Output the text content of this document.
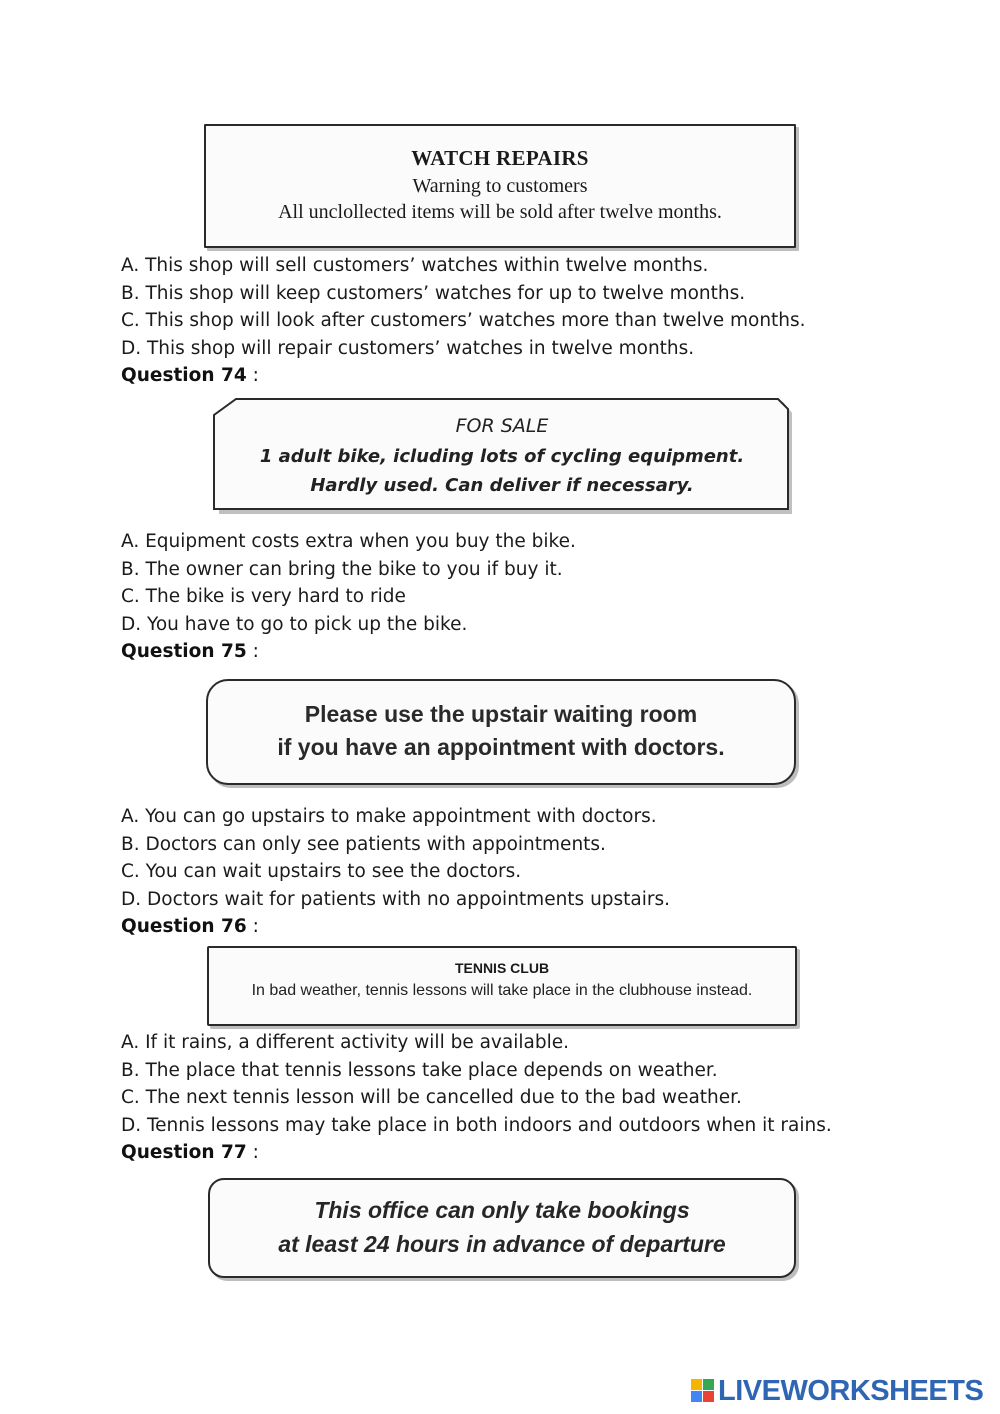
WATCH REPAIRS
Warning to customers
All unclollected items will be sold after twelve months.
A. This shop will sell customers’ watches within twelve months.
B. This shop will keep customers’ watches for up to twelve months.
C. This shop will look after customers’ watches more than twelve months.
D. This shop will repair customers’ watches in twelve months.
Question 74 :
FOR SALE
1 adult bike, icluding lots of cycling equipment.
Hardly used. Can deliver if necessary.
A. Equipment costs extra when you buy the bike.
B. The owner can bring the bike to you if buy it.
C. The bike is very hard to ride
D. You have to go to pick up the bike.
Question 75 :
Please use the upstair waiting room
if you have an appointment with doctors.
A. You can go upstairs to make appointment with doctors.
B. Doctors can only see patients with appointments.
C. You can wait upstairs to see the doctors.
D. Doctors wait for patients with no appointments upstairs.
Question 76 :
TENNIS CLUB
In bad weather, tennis lessons will take place in the clubhouse instead.
A. If it rains, a different activity will be available.
B. The place that tennis lessons take place depends on weather.
C. The next tennis lesson will be cancelled due to the bad weather.
D. Tennis lessons may take place in both indoors and outdoors when it rains.
Question 77 :
This office can only take bookings
at least 24 hours in advance of departure
LIVEWORKSHEETS
